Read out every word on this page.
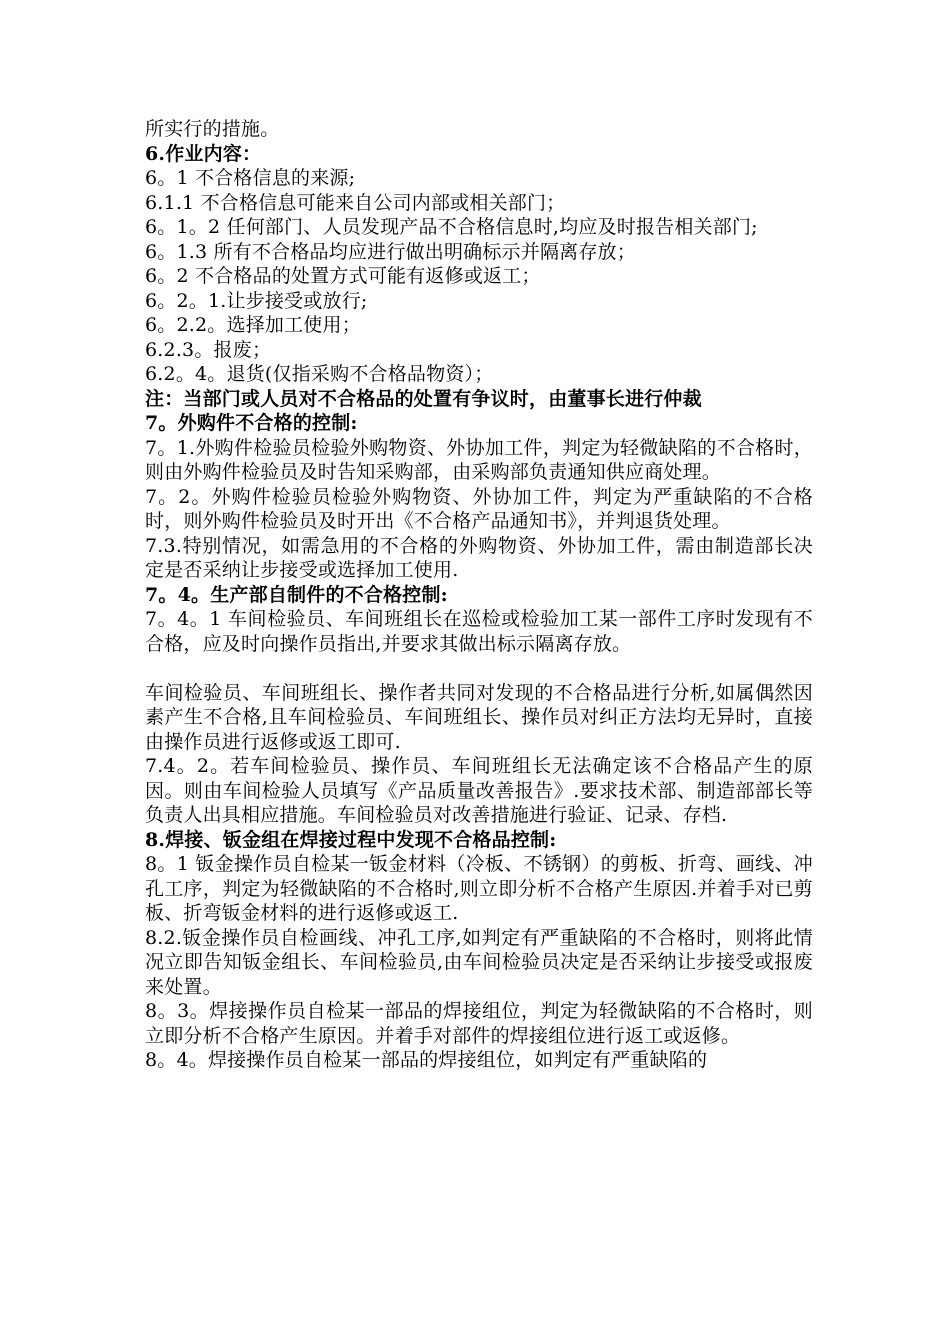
所实行的措施。

6.作业内容：

6。1 不合格信息的来源;

6.1.1 不合格信息可能来自公司内部或相关部门；

6。1。2 任何部门、人员发现产品不合格信息时,均应及时报告相关部门;

6。1.3 所有不合格品均应进行做出明确标示并隔离存放；

6。2 不合格品的处置方式可能有返修或返工；

6。2。1.让步接受或放行;

6。2.2。选择加工使用；

6.2.3。报废；

6.2。4。退货(仅指采购不合格品物资）；

注：当部门或人员对不合格品的处置有争议时，由董事长进行仲裁

7。外购件不合格的控制:

7。1.外购件检验员检验外购物资、外协加工件，判定为轻微缺陷的不合格时，则由外购件检验员及时告知采购部，由采购部负责通知供应商处理。

7。2。外购件检验员检验外购物资、外协加工件，判定为严重缺陷的不合格时，则外购件检验员及时开出《不合格产品通知书》，并判退货处理。

7.3.特别情况，如需急用的不合格的外购物资、外协加工件，需由制造部长决定是否采纳让步接受或选择加工使用.

7。4。生产部自制件的不合格控制:

7。4。1 车间检验员、车间班组长在巡检或检验加工某一部件工序时发现有不合格，应及时向操作员指出,并要求其做出标示隔离存放。

车间检验员、车间班组长、操作者共同对发现的不合格品进行分析,如属偶然因素产生不合格,且车间检验员、车间班组长、操作员对纠正方法均无异时，直接由操作员进行返修或返工即可.

7.4。2。若车间检验员、操作员、车间班组长无法确定该不合格品产生的原因。则由车间检验人员填写《产品质量改善报告》.要求技术部、制造部部长等负责人出具相应措施。车间检验员对改善措施进行验证、记录、存档.

8.焊接、钣金组在焊接过程中发现不合格品控制:

8。1 钣金操作员自检某一钣金材料（冷板、不锈钢）的剪板、折弯、画线、冲孔工序，判定为轻微缺陷的不合格时,则立即分析不合格产生原因.并着手对已剪板、折弯钣金材料的进行返修或返工.

8.2.钣金操作员自检画线、冲孔工序,如判定有严重缺陷的不合格时，则将此情况立即告知钣金组长、车间检验员,由车间检验员决定是否采纳让步接受或报废来处置。

8。3。焊接操作员自检某一部品的焊接组位，判定为轻微缺陷的不合格时，则立即分析不合格产生原因。并着手对部件的焊接组位进行返工或返修。

8。4。焊接操作员自检某一部品的焊接组位，如判定有严重缺陷的
